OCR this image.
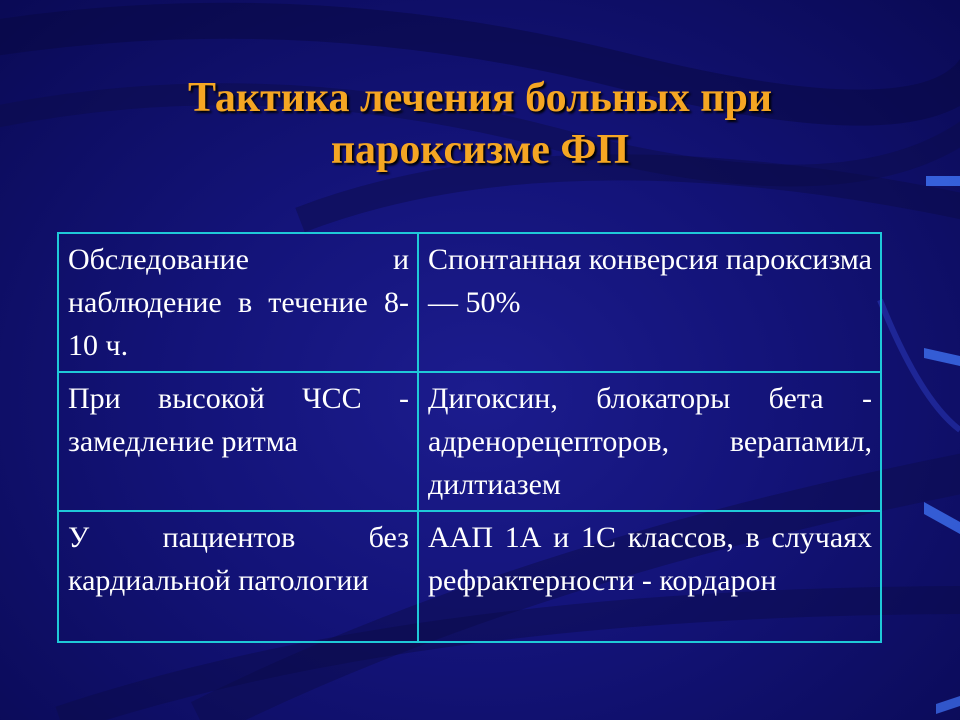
Тактика лечения больных при
пароксизме ФП
Обследование и наблюдение в течение 8-10 ч.	Спонтанная конверсия пароксизма — 50%
При высокой ЧСС - замедление ритма	Дигоксин, блокаторы бета - адренорецепторов, верапамил, дилтиазем
У пациентов без кардиальной патологии	ААП 1А и 1С классов, в случаях рефрактерности - кордарон
